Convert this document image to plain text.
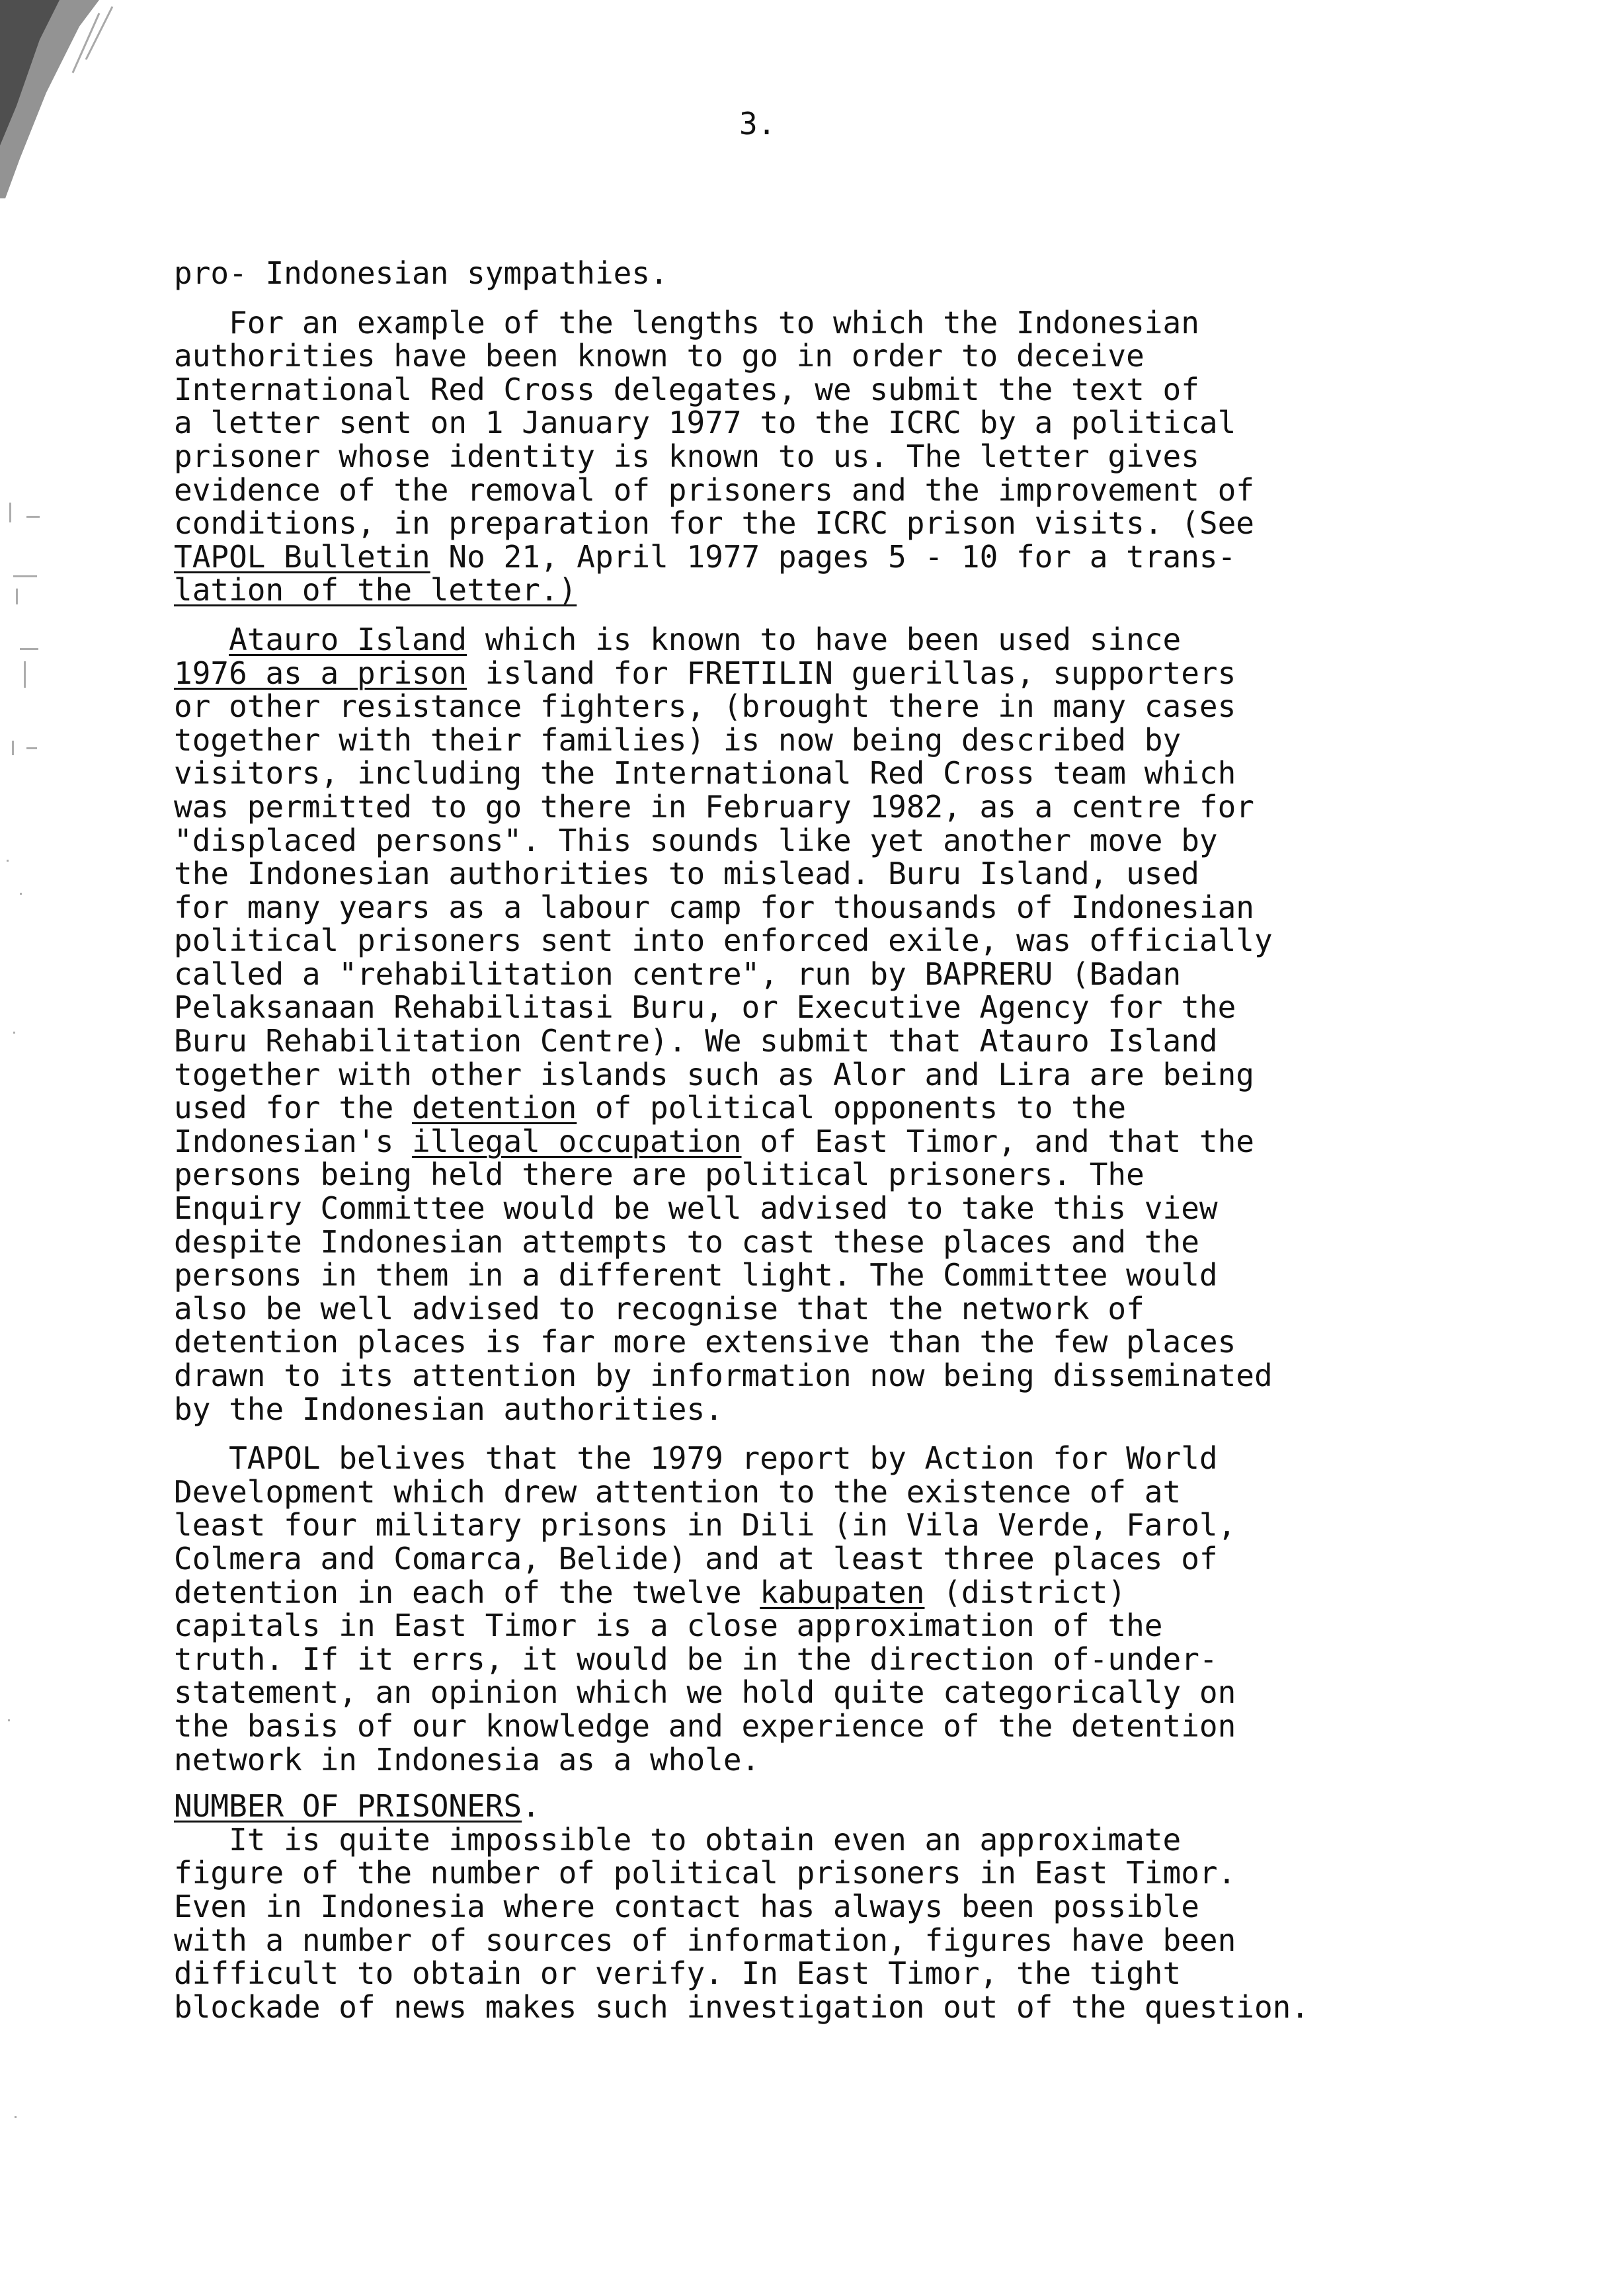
3.
pro- Indonesian sympathies.
For an example of the lengths to which the Indonesian
authorities have been known to go in order to deceive
International Red Cross delegates, we submit the text of
a letter sent on 1 January 1977 to the ICRC by a political
prisoner whose identity is known to us. The letter gives
evidence of the removal of prisoners and the improvement of
conditions, in preparation for the ICRC prison visits. (See
TAPOL Bulletin No 21, April 1977 pages 5 - 10 for a trans-
lation of the letter.)
Atauro Island which is known to have been used since
1976 as a prison island for FRETILIN guerillas, supporters
or other resistance fighters, (brought there in many cases
together with their families) is now being described by
visitors, including the International Red Cross team which
was permitted to go there in February 1982, as a centre for
"displaced persons". This sounds like yet another move by
the Indonesian authorities to mislead. Buru Island, used
for many years as a labour camp for thousands of Indonesian
political prisoners sent into enforced exile, was officially
called a "rehabilitation centre", run by BAPRERU (Badan
Pelaksanaan Rehabilitasi Buru, or Executive Agency for the
Buru Rehabilitation Centre). We submit that Atauro Island
together with other islands such as Alor and Lira are being
used for the detention of political opponents to the
Indonesian's illegal occupation of East Timor, and that the
persons being held there are political prisoners. The
Enquiry Committee would be well advised to take this view
despite Indonesian attempts to cast these places and the
persons in them in a different light. The Committee would
also be well advised to recognise that the network of
detention places is far more extensive than the few places
drawn to its attention by information now being disseminated
by the Indonesian authorities.
TAPOL belives that the 1979 report by Action for World
Development which drew attention to the existence of at
least four military prisons in Dili (in Vila Verde, Farol,
Colmera and Comarca, Belide) and at least three places of
detention in each of the twelve kabupaten (district)
capitals in East Timor is a close approximation of the
truth. If it errs, it would be in the direction of-under-
statement, an opinion which we hold quite categorically on
the basis of our knowledge and experience of the detention
network in Indonesia as a whole.
NUMBER OF PRISONERS.
It is quite impossible to obtain even an approximate
figure of the number of political prisoners in East Timor.
Even in Indonesia where contact has always been possible
with a number of sources of information, figures have been
difficult to obtain or verify. In East Timor, the tight
blockade of news makes such investigation out of the question.
